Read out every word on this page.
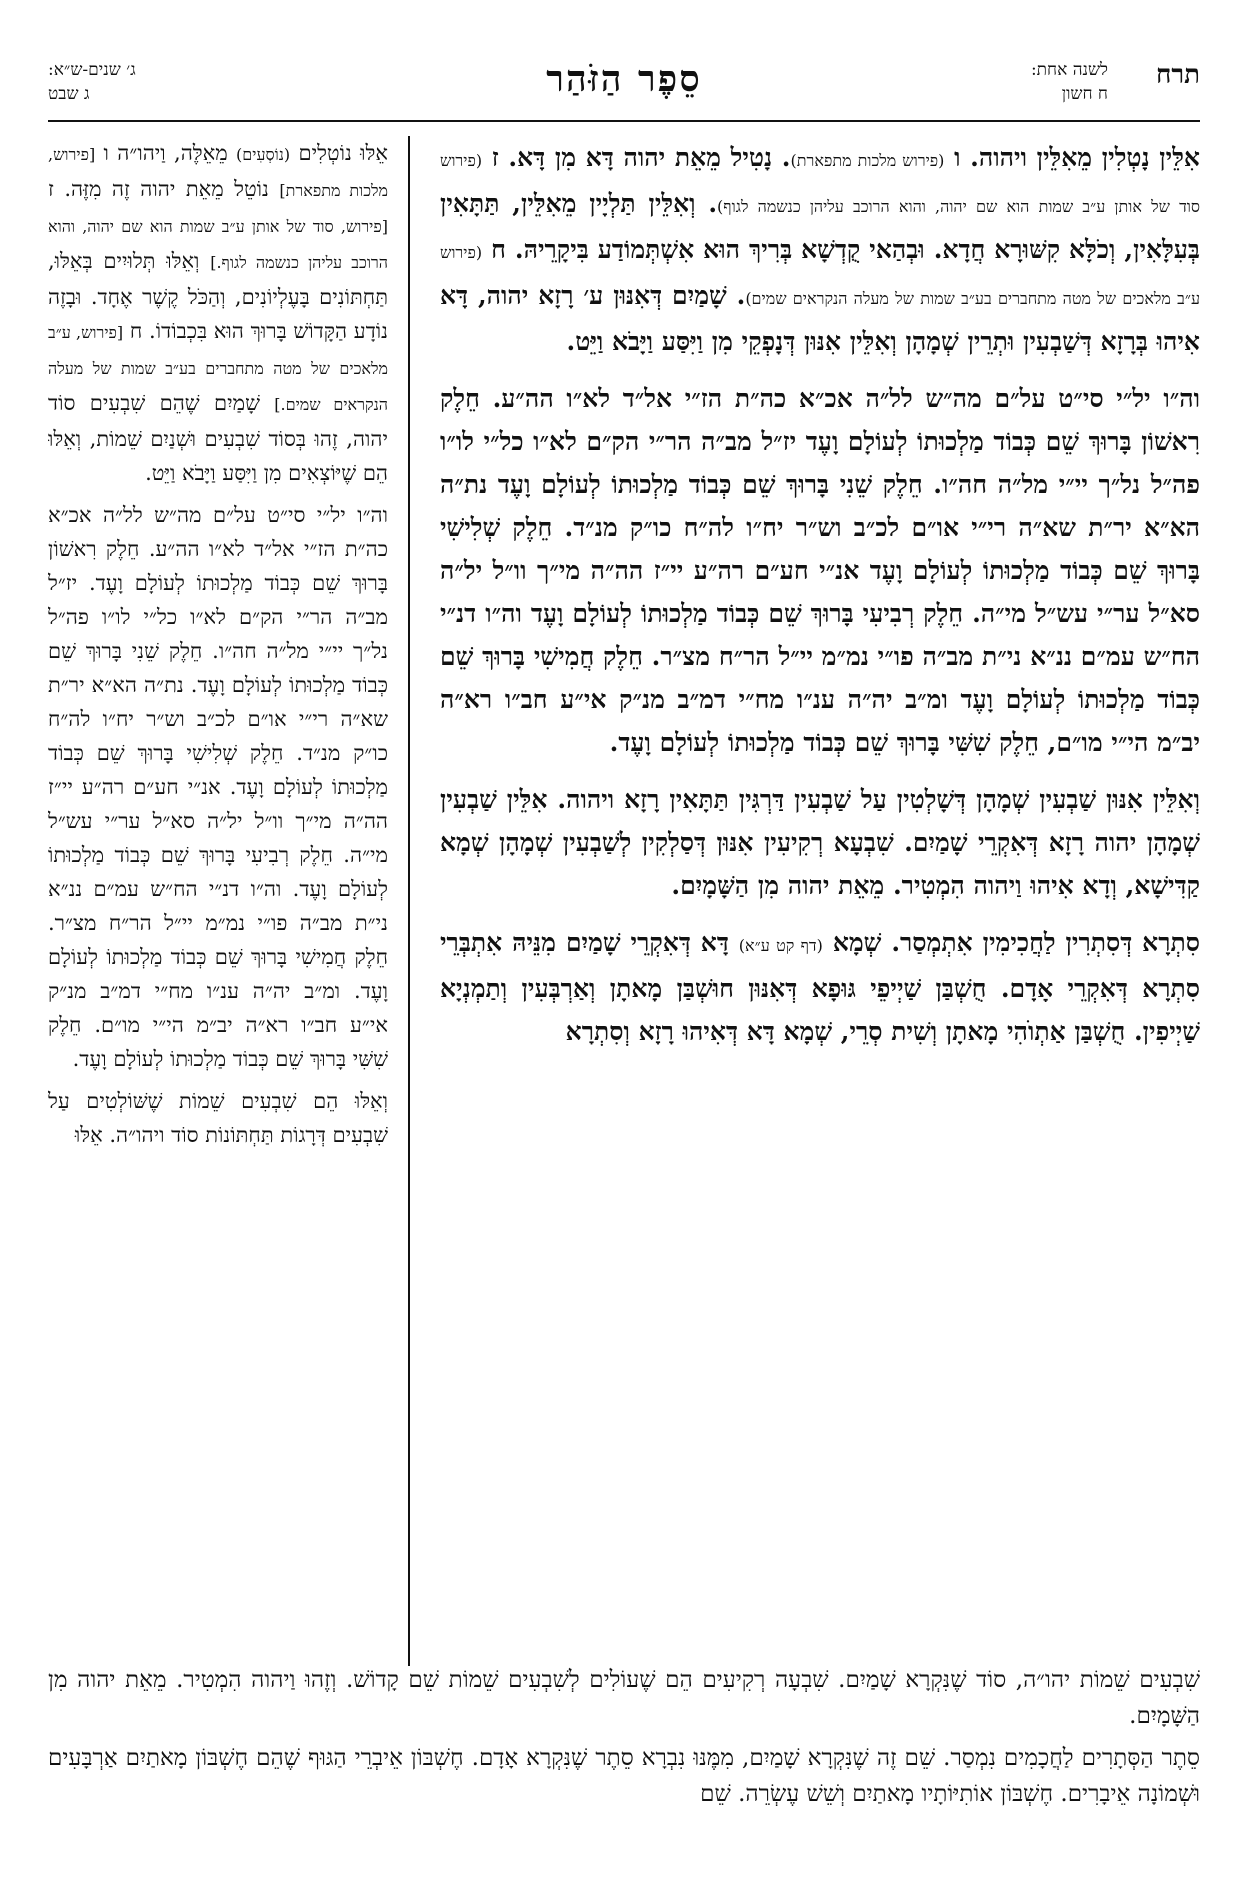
תרח
לשנה אחת:
ח חשון
סֵפֶר הַזֹּהַר
ג׳ שנים-ש״א:
ג שבט

אִלֵּין נָטְלִין מֵאִלֵּין ויהוה. ו (פירוש מלכות מתפארת). נָטִיל מֵאֵת יהוה דָּא מִן דָּא. ז (פירוש סוד של אותן ע״ב שמות הוא שם יהוה, והוא הרוכב עליהן כנשמה לגוף). וְאִלֵּין תַּלְיָין מֵאִלֵּין, תַּתָּאִין בְּעִלָּאִין, וְכֹלָּא קִשּׁוּרָא חֲדָא. וּבְהַאי קֻדְשָׁא בְּרִיךְ הוּא אִשְׁתְּמוֹדַע בִּיקָרֵיהּ. ח (פירוש ע״ב מלאכים של מטה מתחברים בע״ב שמות של מעלה הנקראים שמים). שָׁמַיִם דְּאִנּוּן ע׳ רָזָא יהוה, דָּא אִיהוּ בְּרָזָא דְּשַׁבְעִין וּתְרֵין שְׁמָהָן וְאִלֵּין אִנּוּן דְּנָפְקֵי מִן וַיִּסַּע וַיָּבֹא וַיֵּט.

וה״ו יל״י סי״ט על״ם מה״ש לל״ה אכ״א כה״ת הז״י אל״ד לא״ו הה״ע. חֵלֶק רִאשׁוֹן בָּרוּךְ שֵׁם כְּבוֹד מַלְכוּתוֹ לְעוֹלָם וָעֶד יז״ל מב״ה הר״י הק״ם לא״ו כל״י לו״ו פה״ל נל״ך יי״י מל״ה חה״ו. חֵלֶק שֵׁנִי בָּרוּךְ שֵׁם כְּבוֹד מַלְכוּתוֹ לְעוֹלָם וָעֶד נת״ה הא״א יר״ת שא״ה רי״י או״ם לכ״ב וש״ר יח״ו לה״ח כו״ק מנ״ד. חֵלֶק שְׁלִישִׁי בָּרוּךְ שֵׁם כְּבוֹד מַלְכוּתוֹ לְעוֹלָם וָעֶד אנ״י חע״ם רה״ע יי״ז הה״ה מי״ך וו״ל יל״ה סא״ל ער״י עש״ל מי״ה. חֵלֶק רְבִיעִי בָּרוּךְ שֵׁם כְּבוֹד מַלְכוּתוֹ לְעוֹלָם וָעֶד וה״ו דנ״י הח״ש עמ״ם ננ״א ני״ת מב״ה פו״י נמ״מ יי״ל הר״ח מצ״ר. חֵלֶק חֲמִישִׁי בָּרוּךְ שֵׁם כְּבוֹד מַלְכוּתוֹ לְעוֹלָם וָעֶד ומ״ב יה״ה ענ״ו מח״י דמ״ב מנ״ק אי״ע חב״ו רא״ה יב״מ הי״י מו״ם, חֵלֶק שִׁשִּׁי בָּרוּךְ שֵׁם כְּבוֹד מַלְכוּתוֹ לְעוֹלָם וָעֶד.

וְאִלֵּין אִנּוּן שַׁבְעִין שְׁמָהָן דְּשָׁלְטִין עַל שַׁבְעִין דַּרְגִּין תַּתָּאִין רָזָא ויהוה. אִלֵּין שַׁבְעִין שְׁמָהָן יהוה רָזָא דְּאִקְרֵי שָׁמַיִם. שִׁבְעָא רְקִיעִין אִנּוּן דְּסַלְקִין לְשַׁבְעִין שְׁמָהָן שְׁמָא קַדִּישָׁא, וְדָא אִיהוּ וַיהוה הִמְטִיר. מֵאֵת יהוה מִן הַשָּׁמָיִם.

סִתְרָא דְּסִתְרִין לַחֲכִימִין אִתְמְסַר. שְׁמָא (דף קט ע״א) דָּא דְּאִקְרֵי שָׁמַיִם מִנֵּיהּ אִתְבְּרֵי סִתְרָא דְּאִקְרֵי אָדָם. חֻשְׁבַּן שַׁיְיפֵי גּוּפָא דְּאִנּוּן חוּשְׁבַּן מָאתָן וְאַרְבְּעִין וְתַמְנְיָא שַׁיְיפִין. חֻשְׁבַּן אַתְוֺהִי מָאתָן וְשִׁית סְרֵי, שְׁמָא דָּא דְּאִיהוּ רָזָא וְסִתְרָא

אֵלּוּ נוֹטְלִים (נוֹסְעִים) מֵאֵלֶּה, וַיהו״ה ו [פירוש, מלכות מתפארת] נוֹטֵל מֵאֵת יהוה זֶה מִזֶּה. ז [פירוש, סוד של אותן ע״ב שמות הוא שם יהוה, והוא הרוכב עליהן כנשמה לגוף.] וְאֵלּוּ תְּלוּיִים בְּאֵלּוּ, תַּחְתּוֹנִים בָּעֶלְיוֹנִים, וְהַכֹּל קֶשֶׁר אֶחָד. וּבָזֶה נוֹדָע הַקָּדוֹשׁ בָּרוּךְ הוּא בִּכְבוֹדוֹ. ח [פירוש, ע״ב מלאכים של מטה מתחברים בע״ב שמות של מעלה הנקראים שמים.] שָׁמַיִם שֶׁהֵם שִׁבְעִים סוֹד יהוה, זֶהוּ בְּסוֹד שִׁבְעִים וּשְׁנַיִם שֵׁמוֹת, וְאֵלּוּ הֵם שֶׁיּוֹצְאִים מִן וַיִּסַּע וַיָּבֹא וַיֵּט.

וה״ו יל״י סי״ט על״ם מה״ש לל״ה אכ״א כה״ת הז״י אל״ד לא״ו הה״ע. חֵלֶק רִאשׁוֹן בָּרוּךְ שֵׁם כְּבוֹד מַלְכוּתוֹ לְעוֹלָם וָעֶד. יז״ל מב״ה הר״י הק״ם לא״ו כל״י לו״ו פה״ל נל״ך יי״י מל״ה חה״ו. חֵלֶק שֵׁנִי בָּרוּךְ שֵׁם כְּבוֹד מַלְכוּתוֹ לְעוֹלָם וָעֶד. נת״ה הא״א יר״ת שא״ה רי״י או״ם לכ״ב וש״ר יח״ו לה״ח כו״ק מנ״ד. חֵלֶק שְׁלִישִׁי בָּרוּךְ שֵׁם כְּבוֹד מַלְכוּתוֹ לְעוֹלָם וָעֶד. אנ״י חע״ם רה״ע יי״ז הה״ה מי״ך וו״ל יל״ה סא״ל ער״י עש״ל מי״ה. חֵלֶק רְבִיעִי בָּרוּךְ שֵׁם כְּבוֹד מַלְכוּתוֹ לְעוֹלָם וָעֶד. וה״ו דנ״י הח״ש עמ״ם ננ״א ני״ת מב״ה פו״י נמ״מ יי״ל הר״ח מצ״ר. חֵלֶק חֲמִישִׁי בָּרוּךְ שֵׁם כְּבוֹד מַלְכוּתוֹ לְעוֹלָם וָעֶד. ומ״ב יה״ה ענ״ו מח״י דמ״ב מנ״ק אי״ע חב״ו רא״ה יב״מ הי״י מו״ם. חֵלֶק שִׁשִּׁי בָּרוּךְ שֵׁם כְּבוֹד מַלְכוּתוֹ לְעוֹלָם וָעֶד.

וְאֵלּוּ הֵם שִׁבְעִים שֵׁמוֹת שֶׁשּׁוֹלְטִים עַל שִׁבְעִים דְּרָגוֹת תַּחְתּוֹנוֹת סוֹד ויהו״ה. אֵלּוּ

שִׁבְעִים שֵׁמוֹת יהו״ה, סוֹד שֶׁנִּקְרָא שָׁמַיִם. שִׁבְעָה רְקִיעִים הֵם שֶׁעוֹלִים לְשִׁבְעִים שֵׁמוֹת שֵׁם קָדוֹשׁ. וְזֶהוּ וַיהוה הִמְטִיר. מֵאֵת יהוה מִן הַשָּׁמָיִם.

סֵתֶר הַסְּתָרִים לַחֲכָמִים נִמְסַר. שֵׁם זֶה שֶׁנִּקְרָא שָׁמַיִם, מִמֶּנּוּ נִבְרָא סֵתֶר שֶׁנִּקְרָא אָדָם. חֶשְׁבּוֹן אֵיבְרֵי הַגּוּף שֶׁהֵם חֶשְׁבּוֹן מָאתַיִם אַרְבָּעִים וּשְׁמוֹנָה אֵיבָרִים. חֶשְׁבּוֹן אוֹתִיּוֹתָיו מָאתַיִם וְשֵׁשׁ עֶשְׂרֵה. שֵׁם
